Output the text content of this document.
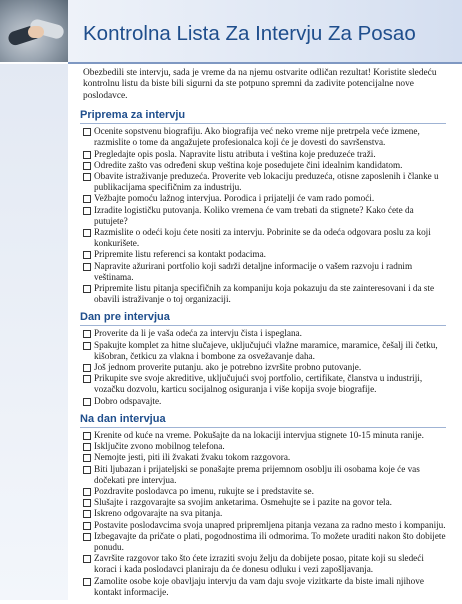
Kontrolna Lista Za Intervju Za Posao

Obezbedili ste intervju, sada je vreme da na njemu ostvarite odličan rezultat! Koristite sledeću kontrolnu listu da biste bili sigurni da ste potpuno spremni da zadivite potencijalne nove poslodavce.

Priprema za intervju
Ocenite sopstvenu biografiju. Ako biografija već neko vreme nije pretrpela veće izmene, razmislite o tome da angažujete profesionalca koji će je dovesti do savršenstva.
Pregledajte opis posla. Napravite listu atributa i veština koje preduzeće traži.
Odredite zašto vas određeni skup veština koje posedujete čini idealnim kandidatom.
Obavite istraživanje preduzeća. Proverite veb lokaciju preduzeća, otisne zaposlenih i članke u publikacijama specifičnim za industriju.
Vežbajte pomoću lažnog intervjua. Porodica i prijatelji će vam rado pomoći.
Izradite logističku putovanja. Koliko vremena će vam trebati da stignete? Kako ćete da putujete?
Razmislite o odeći koju ćete nositi za intervju. Pobrinite se da odeća odgovara poslu za koji konkurišete.
Pripremite listu referenci sa kontakt podacima.
Napravite ažurirani portfolio koji sadrži detaljne informacije o vašem razvoju i radnim veštinama.
Pripremite listu pitanja specifičnih za kompaniju koja pokazuju da ste zainteresovani i da ste obavili istraživanje o toj organizaciji.
Dan pre intervjua
Proverite da li je vaša odeća za intervju čista i ispeglana.
Spakujte komplet za hitne slučajeve, uključujući vlažne maramice, maramice, češalj ili četku, kišobran, četkicu za vlakna i bombone za osvežavanje daha.
Još jednom proverite putanju. ako je potrebno izvršite probno putovanje.
Prikupite sve svoje akreditive, uključujući svoj portfolio, certifikate, članstva u industriji, vozačku dozvolu, karticu socijalnog osiguranja i više kopija svoje biografije.
Dobro odspavajte.
Na dan intervjua
Krenite od kuće na vreme. Pokušajte da na lokaciji intervjua stignete 10-15 minuta ranije.
Isključite zvono mobilnog telefona.
Nemojte jesti, piti ili žvakati žvaku tokom razgovora.
Biti ljubazan i prijateljski se ponašajte prema prijemnom osoblju ili osobama koje će vas dočekati pre intervjua.
Pozdravite poslodavca po imenu, rukujte se i predstavite se.
Slušajte i razgovarajte sa svojim anketarima. Osmehujte se i pazite na govor tela.
Iskreno odgovarajte na sva pitanja.
Postavite poslodavcima svoja unapred pripremljena pitanja vezana za radno mesto i kompaniju.
Izbegavajte da pričate o plati, pogodnostima ili odmorima. To možete uraditi nakon što dobijete ponudu.
Završite razgovor tako što ćete izraziti svoju želju da dobijete posao, pitate koji su sledeći koraci i kada poslodavci planiraju da će donesu odluku i vezi zapošljavanja.
Zamolite osobe koje obavljaju intervju da vam daju svoje vizitkarte da biste imali njihove kontakt informacije.
